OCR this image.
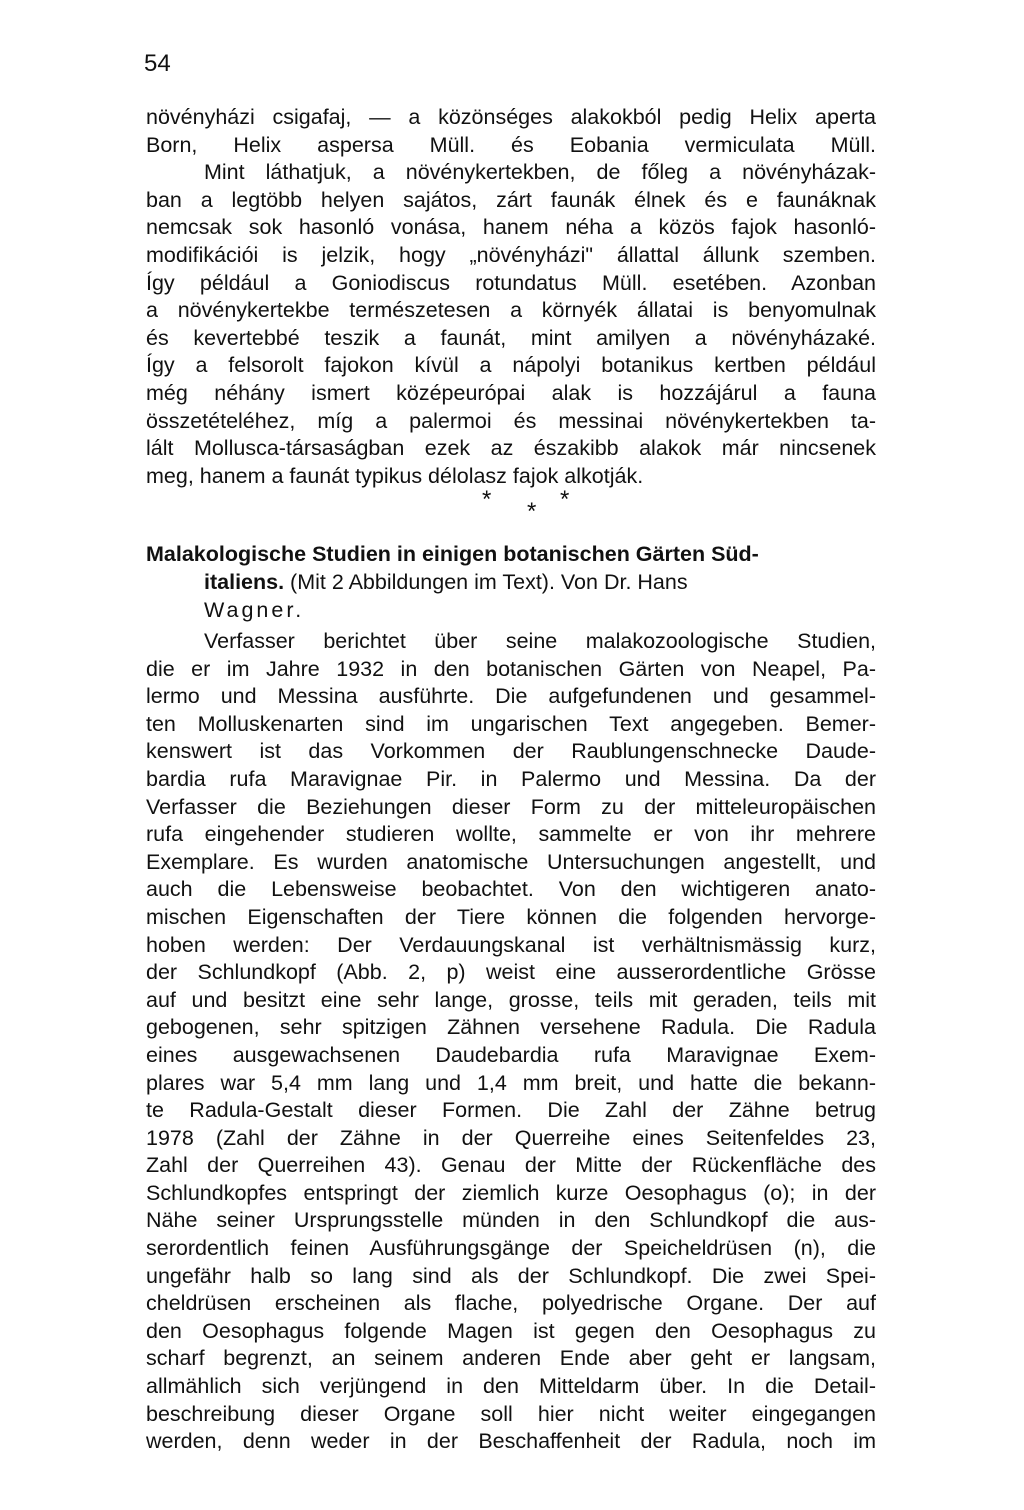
54
növényházi csigafaj, — a közönséges alakokból pedig Helix aperta
Born, Helix aspersa Müll. és Eobania vermiculata Müll.
Mint láthatjuk, a növénykertekben, de főleg a növényházak-
ban a legtöbb helyen sajátos, zárt faunák élnek és e faunáknak
nemcsak sok hasonló vonása, hanem néha a közös fajok hasonló-
modifikációi is jelzik, hogy „növényházi" állattal állunk szemben.
Így például a Goniodiscus rotundatus Müll. esetében. Azonban
a növénykertekbe természetesen a környék állatai is benyomulnak
és kevertebbé teszik a faunát, mint amilyen a növényházaké.
Így a felsorolt fajokon kívül a nápolyi botanikus kertben például
még néhány ismert középeurópai alak is hozzájárul a fauna
összetételéhez, míg a palermoi és messinai növénykertekben ta-
lált Mollusca-társaságban ezek az északibb alakok már nincsenek
meg, hanem a faunát typikus délolasz fajok alkotják.
* * *
Malakologische Studien in einigen botanischen Gärten Süd-
italiens. (Mit 2 Abbildungen im Text). Von Dr. Hans
Wagner.
Verfasser berichtet über seine malakozoologische Studien,
die er im Jahre 1932 in den botanischen Gärten von Neapel, Pa-
lermo und Messina ausführte. Die aufgefundenen und gesammel-
ten Molluskenarten sind im ungarischen Text angegeben. Bemer-
kenswert ist das Vorkommen der Raublungenschnecke Daude-
bardia rufa Maravignae Pir. in Palermo und Messina. Da der
Verfasser die Beziehungen dieser Form zu der mitteleuropäischen
rufa eingehender studieren wollte, sammelte er von ihr mehrere
Exemplare. Es wurden anatomische Untersuchungen angestellt, und
auch die Lebensweise beobachtet. Von den wichtigeren anato-
mischen Eigenschaften der Tiere können die folgenden hervorge-
hoben werden: Der Verdauungskanal ist verhältnismässig kurz,
der Schlundkopf (Abb. 2, p) weist eine ausserordentliche Grösse
auf und besitzt eine sehr lange, grosse, teils mit geraden, teils mit
gebogenen, sehr spitzigen Zähnen versehene Radula. Die Radula
eines ausgewachsenen Daudebardia rufa Maravignae Exem-
plares war 5,4 mm lang und 1,4 mm breit, und hatte die bekann-
te Radula-Gestalt dieser Formen. Die Zahl der Zähne betrug
1978 (Zahl der Zähne in der Querreihe eines Seitenfeldes 23,
Zahl der Querreihen 43). Genau der Mitte der Rückenfläche des
Schlundkopfes entspringt der ziemlich kurze Oesophagus (o); in der
Nähe seiner Ursprungsstelle münden in den Schlundkopf die aus-
serordentlich feinen Ausführungsgänge der Speicheldrüsen (n), die
ungefähr halb so lang sind als der Schlundkopf. Die zwei Spei-
cheldrüsen erscheinen als flache, polyedrische Organe. Der auf
den Oesophagus folgende Magen ist gegen den Oesophagus zu
scharf begrenzt, an seinem anderen Ende aber geht er langsam,
allmählich sich verjüngend in den Mitteldarm über. In die Detail-
beschreibung dieser Organe soll hier nicht weiter eingegangen
werden, denn weder in der Beschaffenheit der Radula, noch im
